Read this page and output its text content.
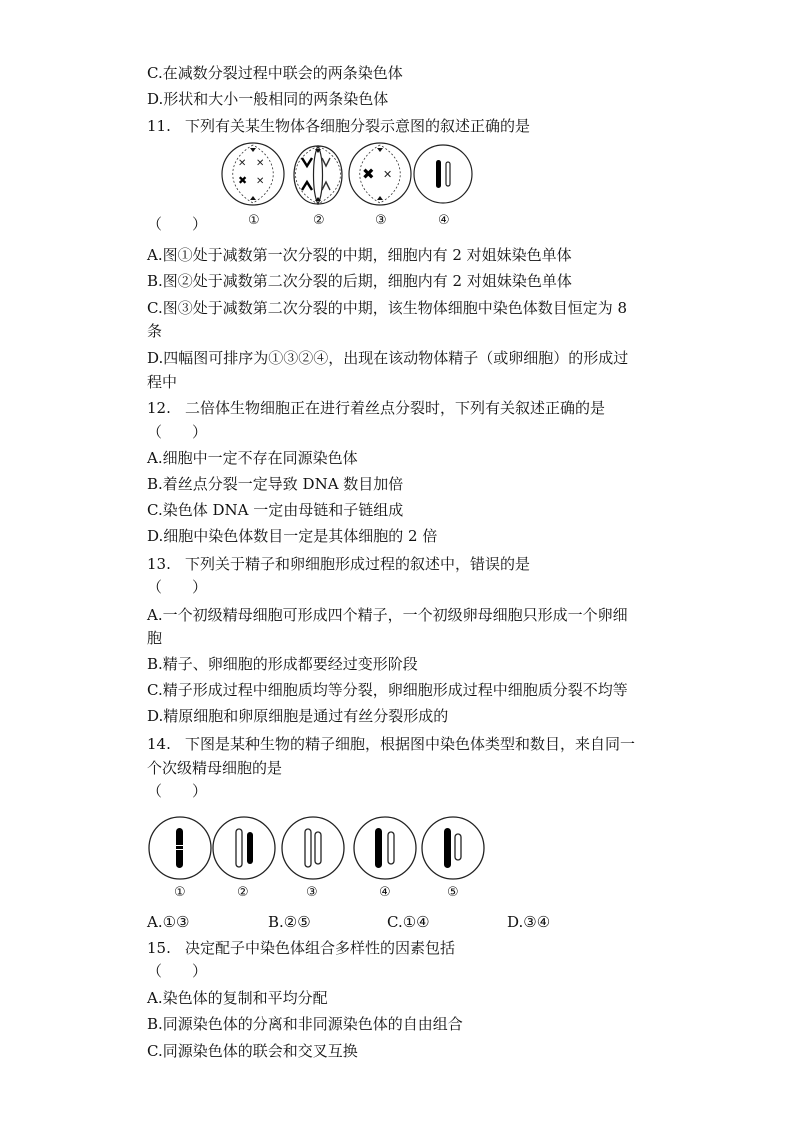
C.在减数分裂过程中联会的两条染色体
D.形状和大小一般相同的两条染色体
11. 下列有关某生物体各细胞分裂示意图的叙述正确的是
✕ ✕
✖ ✕	✖ ✕
①	②	③	④
（　　）
A.图①处于减数第一次分裂的中期，细胞内有 2 对姐妹染色单体
B.图②处于减数第二次分裂的后期，细胞内有 2 对姐妹染色单体
C.图③处于减数第二次分裂的中期，该生物体细胞中染色体数目恒定为 8
条
D.四幅图可排序为①③②④，出现在该动物体精子（或卵细胞）的形成过
程中
12. 二倍体生物细胞正在进行着丝点分裂时，下列有关叙述正确的是
（　　）
A.细胞中一定不存在同源染色体
B.着丝点分裂一定导致 DNA 数目加倍
C.染色体 DNA 一定由母链和子链组成
D.细胞中染色体数目一定是其体细胞的 2 倍
13. 下列关于精子和卵细胞形成过程的叙述中，错误的是
（　　）
A.一个初级精母细胞可形成四个精子，一个初级卵母细胞只形成一个卵细
胞
B.精子、卵细胞的形成都要经过变形阶段
C.精子形成过程中细胞质均等分裂，卵细胞形成过程中细胞质分裂不均等
D.精原细胞和卵原细胞是通过有丝分裂形成的
14. 下图是某种生物的精子细胞，根据图中染色体类型和数目，来自同一
个次级精母细胞的是
（　　）
①	②	③	④	⑤
A.①③	B.②⑤	C.①④	D.③④
15. 决定配子中染色体组合多样性的因素包括
（　　）
A.染色体的复制和平均分配
B.同源染色体的分离和非同源染色体的自由组合
C.同源染色体的联会和交叉互换
